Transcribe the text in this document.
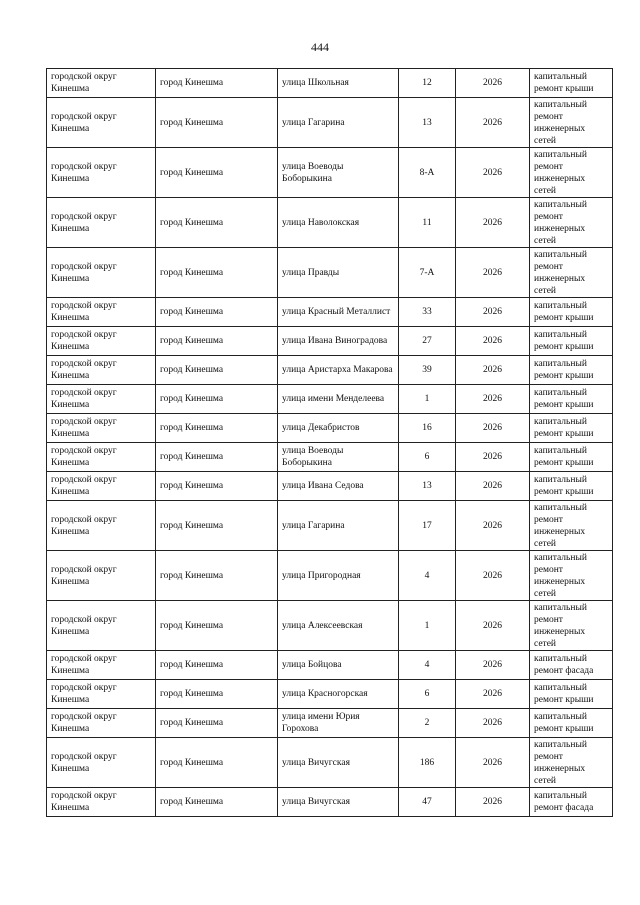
444
городской округ Кинешма	город Кинешма	улица Школьная	12	2026	капитальный ремонт крыши
городской округ Кинешма	город Кинешма	улица Гагарина	13	2026	капитальный ремонт инженерных сетей
городской округ Кинешма	город Кинешма	улица Воеводы Боборыкина	8-А	2026	капитальный ремонт инженерных сетей
городской округ Кинешма	город Кинешма	улица Наволокская	11	2026	капитальный ремонт инженерных сетей
городской округ Кинешма	город Кинешма	улица Правды	7-А	2026	капитальный ремонт инженерных сетей
городской округ Кинешма	город Кинешма	улица Красный Металлист	33	2026	капитальный ремонт крыши
городской округ Кинешма	город Кинешма	улица Ивана Виноградова	27	2026	капитальный ремонт крыши
городской округ Кинешма	город Кинешма	улица Аристарха Макарова	39	2026	капитальный ремонт крыши
городской округ Кинешма	город Кинешма	улица имени Менделеева	1	2026	капитальный ремонт крыши
городской округ Кинешма	город Кинешма	улица Декабристов	16	2026	капитальный ремонт крыши
городской округ Кинешма	город Кинешма	улица Воеводы Боборыкина	6	2026	капитальный ремонт крыши
городской округ Кинешма	город Кинешма	улица Ивана Седова	13	2026	капитальный ремонт крыши
городской округ Кинешма	город Кинешма	улица Гагарина	17	2026	капитальный ремонт инженерных сетей
городской округ Кинешма	город Кинешма	улица Пригородная	4	2026	капитальный ремонт инженерных сетей
городской округ Кинешма	город Кинешма	улица Алексеевская	1	2026	капитальный ремонт инженерных сетей
городской округ Кинешма	город Кинешма	улица Бойцова	4	2026	капитальный ремонт фасада
городской округ Кинешма	город Кинешма	улица Красногорская	6	2026	капитальный ремонт крыши
городской округ Кинешма	город Кинешма	улица имени Юрия Горохова	2	2026	капитальный ремонт крыши
городской округ Кинешма	город Кинешма	улица Вичугская	186	2026	капитальный ремонт инженерных сетей
городской округ Кинешма	город Кинешма	улица Вичугская	47	2026	капитальный ремонт фасада
